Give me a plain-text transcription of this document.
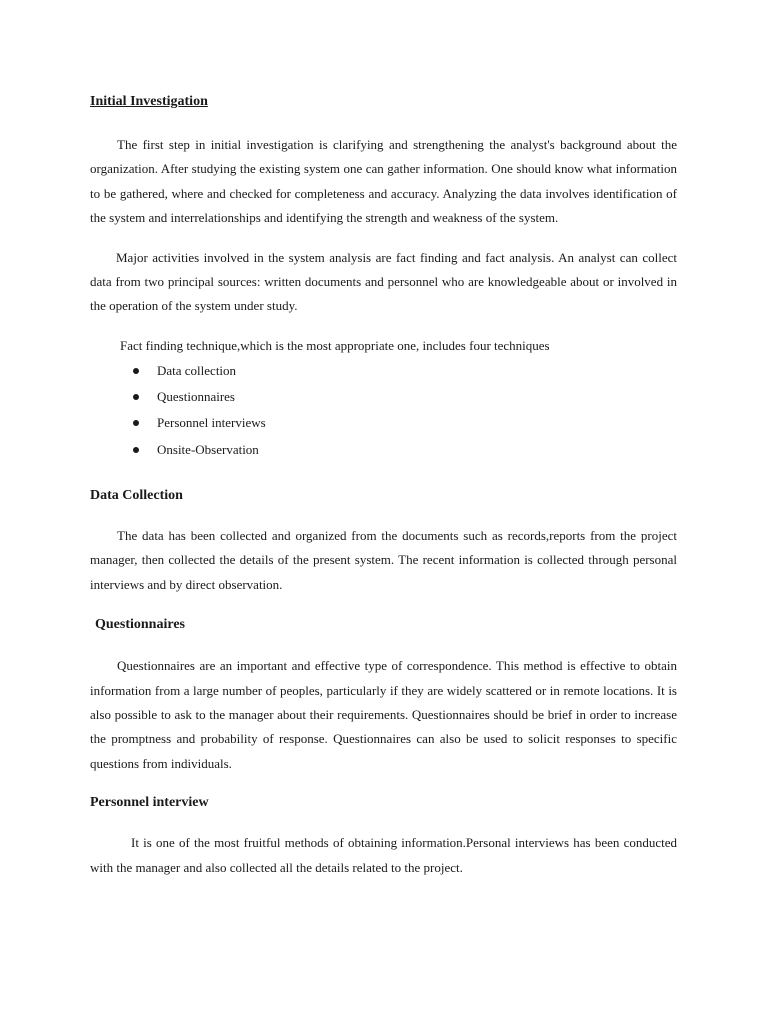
Initial Investigation

The first step in initial investigation is clarifying and strengthening the analyst's background about the organization. After studying the existing system one can gather information. One should know what information to be gathered, where and checked for completeness and accuracy. Analyzing the data involves identification of the system and interrelationships and identifying the strength and weakness of the system.

Major activities involved in the system analysis are fact finding and fact analysis. An analyst can collect data from two principal sources: written documents and personnel who are knowledgeable about or involved in the operation of the system under study.

Fact finding technique,which is the most appropriate one, includes four techniques

Data collection
Questionnaires
Personnel interviews
Onsite-Observation
Data Collection

The data has been collected and organized from the documents such as records,reports from the project manager, then collected the details of the present system. The recent information is collected through personal interviews and by direct observation.

Questionnaires

Questionnaires are an important and effective type of correspondence. This method is effective to obtain information from a large number of peoples, particularly if they are widely scattered or in remote locations. It is also possible to ask to the manager about their requirements. Questionnaires should be brief in order to increase the promptness and probability of response. Questionnaires can also be used to solicit responses to specific questions from individuals.

Personnel interview

It is one of the most fruitful methods of obtaining information.Personal interviews has been conducted with the manager and also collected all the details related to the project.
